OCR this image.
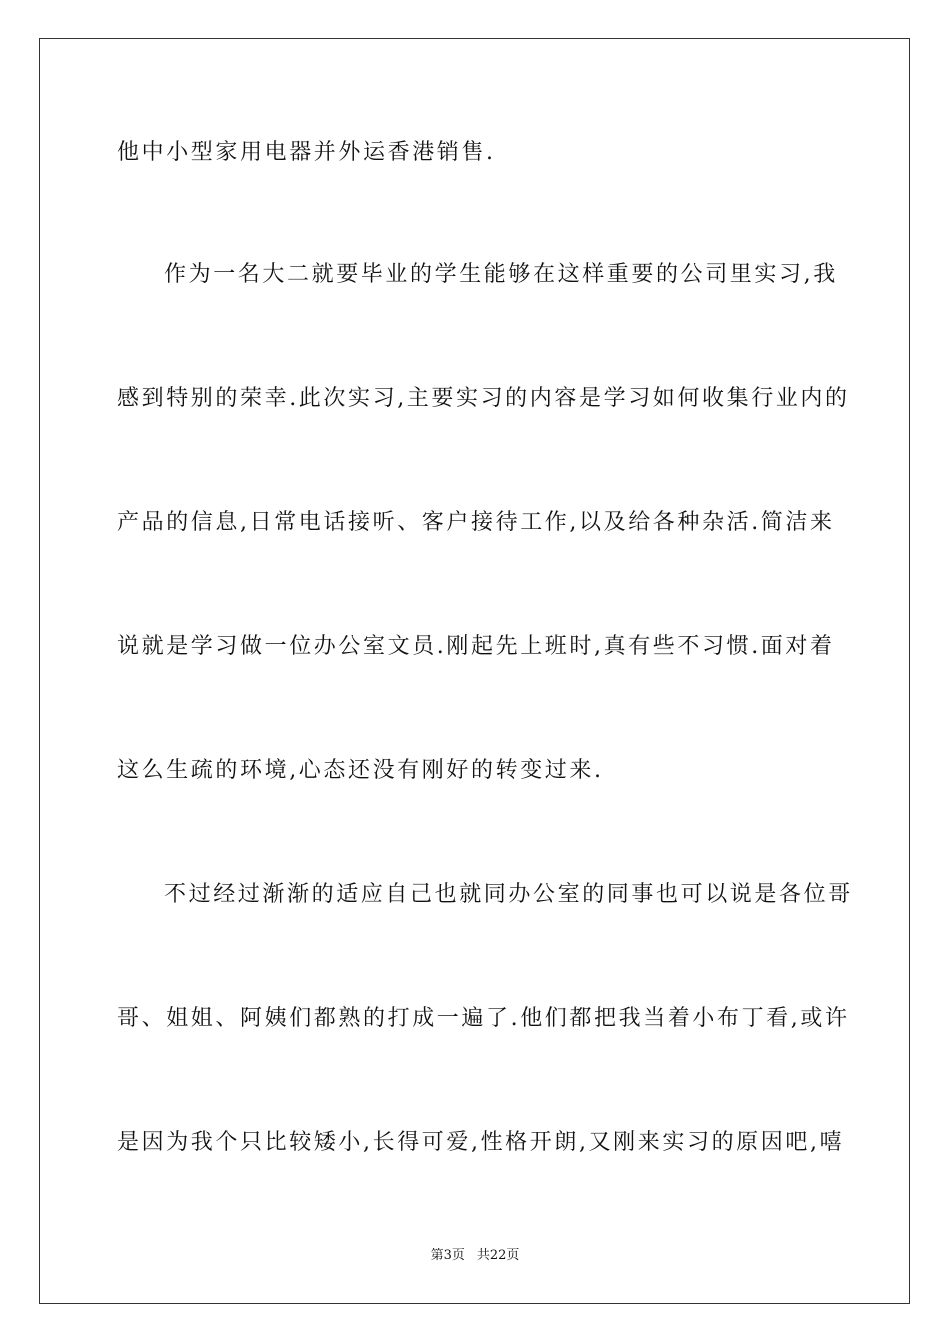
他中小型家用电器并外运香港销售.
作为一名大二就要毕业的学生能够在这样重要的公司里实习,我
感到特别的荣幸.此次实习,主要实习的内容是学习如何收集行业内的
产品的信息,日常电话接听、客户接待工作,以及给各种杂活.简洁来
说就是学习做一位办公室文员.刚起先上班时,真有些不习惯.面对着
这么生疏的环境,心态还没有刚好的转变过来.
不过经过渐渐的适应自己也就同办公室的同事也可以说是各位哥
哥、姐姐、阿姨们都熟的打成一遍了.他们都把我当着小布丁看,或许
是因为我个只比较矮小,长得可爱,性格开朗,又刚来实习的原因吧,嘻
第3页 共22页
